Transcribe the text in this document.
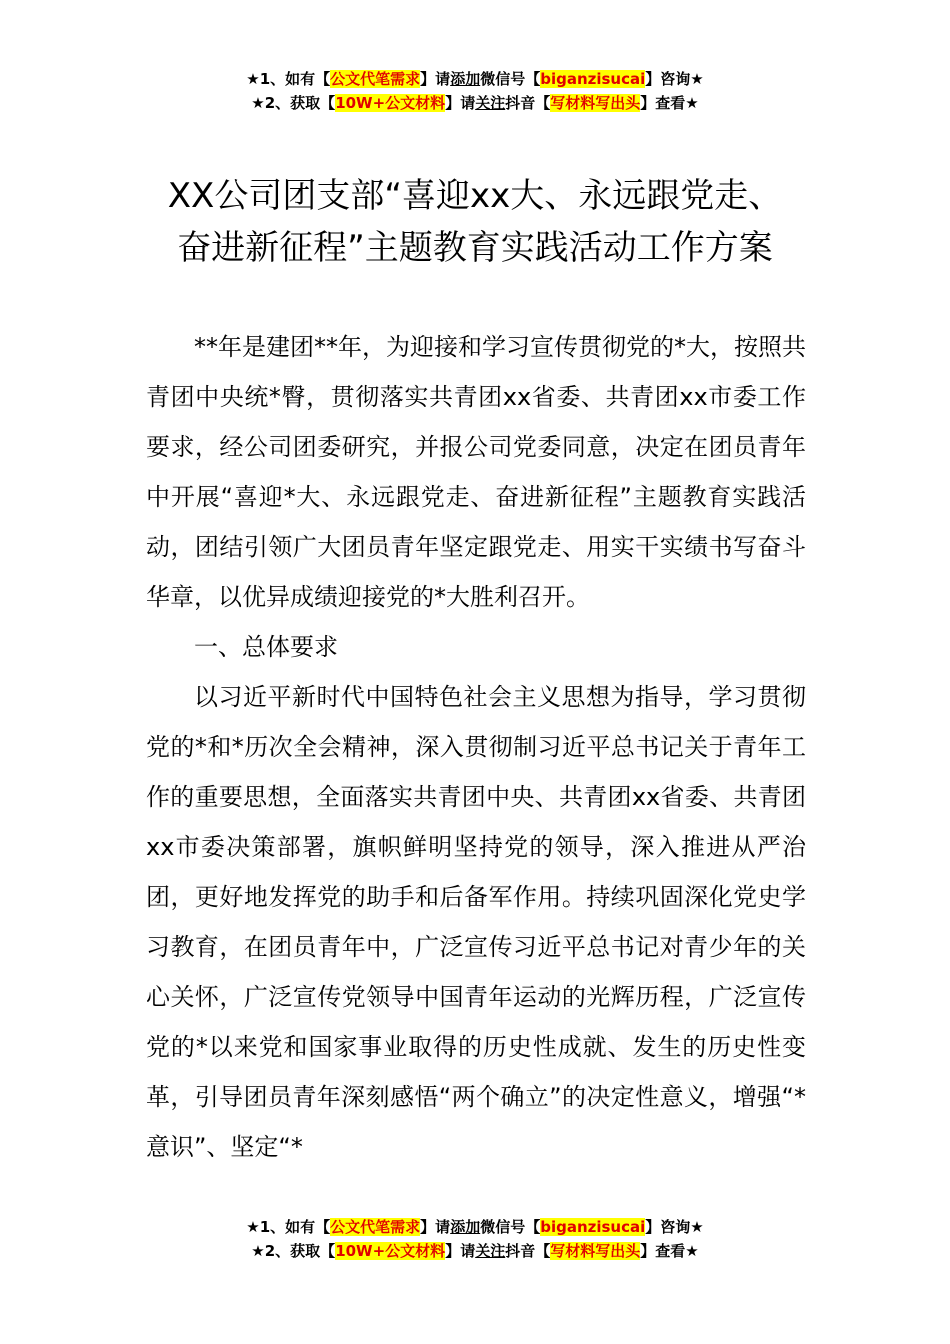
★1、如有【公文代笔需求】请添加微信号【biganzisucai】咨询★
★2、获取【10W+公文材料】请关注抖音【写材料写出头】查看★
XX公司团支部“喜迎xx大、永远跟党走、
奋进新征程”主题教育实践活动工作方案

**年是建团**年，为迎接和学习宣传贯彻党的*大，按照共青团中央统*臀，贯彻落实共青团xx省委、共青团xx市委工作要求，经公司团委研究，并报公司党委同意，决定在团员青年中开展“喜迎*大、永远跟党走、奋进新征程”主题教育实践活动，团结引领广大团员青年坚定跟党走、用实干实绩书写奋斗华章，以优异成绩迎接党的*大胜利召开。

一、总体要求

以习近平新时代中国特色社会主义思想为指导，学习贯彻党的*和*历次全会精神，深入贯彻制习近平总书记关于青年工作的重要思想，全面落实共青团中央、共青团xx省委、共青团xx市委决策部署，旗帜鲜明坚持党的领导，深入推进从严治团，更好地发挥党的助手和后备军作用。持续巩固深化党史学习教育，在团员青年中，广泛宣传习近平总书记对青少年的关心关怀，广泛宣传党领导中国青年运动的光辉历程，广泛宣传党的*以来党和国家事业取得的历史性成就、发生的历史性变革，引导团员青年深刻感悟“两个确立”的决定性意义，增强“*意识”、坚定“*

★1、如有【公文代笔需求】请添加微信号【biganzisucai】咨询★
★2、获取【10W+公文材料】请关注抖音【写材料写出头】查看★
